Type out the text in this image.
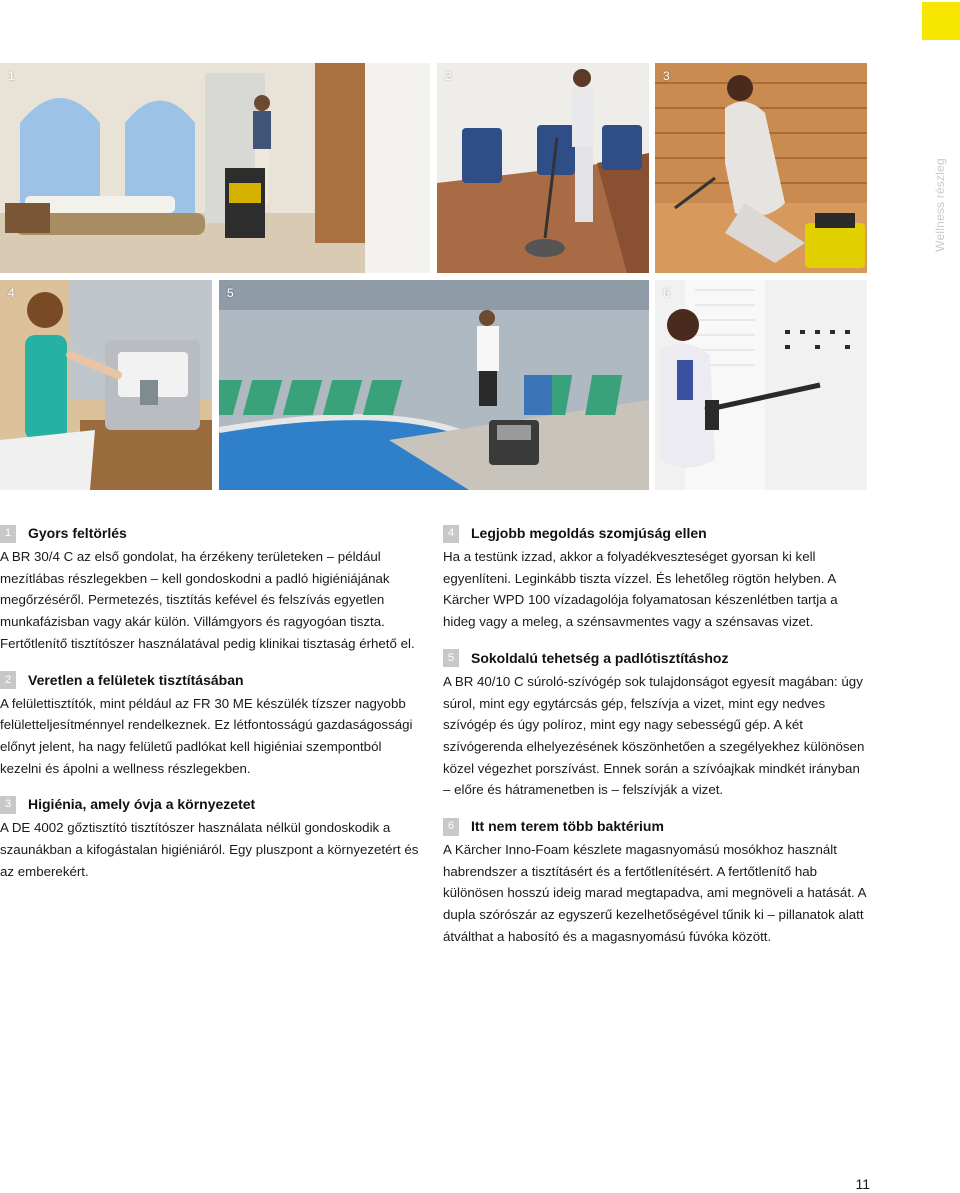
Wellness részleg
1	2	3
4	5	6
1	Gyors feltörlés

A BR 30/4 C az első gondolat, ha érzékeny területeken – például mezítlábas részlegekben – kell gondoskodni a padló higiéniájának megőrzéséről. Permetezés, tisztítás kefével és felszívás egyetlen munkafázisban vagy akár külön. Villámgyors és ragyogóan tiszta. Fertőtlenítő tisztítószer használatával pedig klinikai tisztaság érhető el.

2	Veretlen a felületek tisztításában

A felülettisztítók, mint például az FR 30 ME készülék tízszer nagyobb felületteljesítménnyel rendelkeznek. Ez létfontosságú gazdaságossági előnyt jelent, ha nagy felületű padlókat kell higiéniai szempontból kezelni és ápolni a wellness részlegekben.

3	Higiénia, amely óvja a környezetet

A DE 4002 gőztisztító tisztítószer használata nélkül gondoskodik a szaunákban a kifogástalan higiéniáról. Egy pluszpont a környezetért és az emberekért.

4	Legjobb megoldás szomjúság ellen

Ha a testünk izzad, akkor a folyadékveszteséget gyorsan ki kell egyenlíteni. Leginkább tiszta vízzel. És lehetőleg rögtön helyben. A Kärcher WPD 100 vízadagolója folyamatosan készenlétben tartja a hideg vagy a meleg, a szénsavmentes vagy a szénsavas vizet.

5	Sokoldalú tehetség a padlótisztításhoz

A BR 40/10 C súroló-szívógép sok tulajdonságot egyesít magában: úgy súrol, mint egy egytárcsás gép, felszívja a vizet, mint egy nedves szívógép és úgy políroz, mint egy nagy sebességű gép. A két szívógerenda elhelyezésének köszönhetően a szegélyekhez különösen közel végezhet porszívást. Ennek során a szívóajkak mindkét irányban – előre és hátramenetben is – felszívják a vizet.

6	Itt nem terem több baktérium

A Kärcher Inno-Foam készlete magasnyomású mosókhoz használt habrendszer a tisztításért és a fertőtlenítésért. A fertőtlenítő hab különösen hosszú ideig marad megtapadva, ami megnöveli a hatását. A dupla szórószár az egyszerű kezelhetőségével tűnik ki – pillanatok alatt átválthat a habosító és a magasnyomású fúvóka között.

11
